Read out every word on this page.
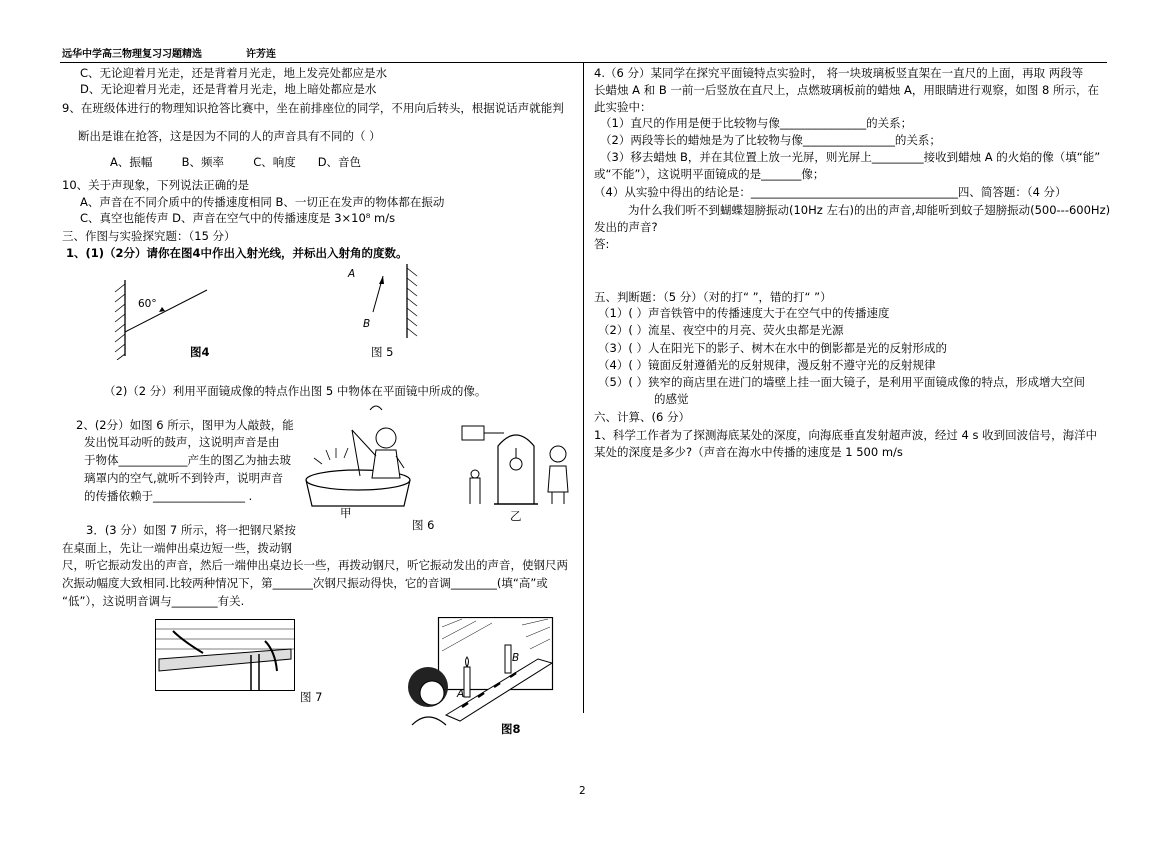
远华中学高三物理复习习题精选	许芳连
C、无论迎着月光走，还是背着月光走，地上发亮处都应是水
D、无论迎着月光走，还是背着月光走，地上暗处都应是水
9、在班级体进行的物理知识抢答比赛中，坐在前排座位的同学，不用向后转头，根据说话声就能判
断出是谁在抢答，这是因为不同的人的声音具有不同的（ ）
A、振幅        B、频率        C、响度      D、音色
10、关于声现象，下列说法正确的是
A、声音在不同介质中的传播速度相同 B、一切正在发声的物体都在振动
C、真空也能传声 D、声音在空气中的传播速度是 3×10⁸ m/s
三、作图与实验探究题：（15 分）
1、(1)（2分）请你在图4中作出入射光线，并标出入射角的度数。
60°
图4
A
B
图 5
（2)（2 分）利用平面镜成像的特点作出图 5 中物体在平面镜中所成的像。
2、(2分）如图 6 所示，图甲为人敲鼓，能
发出悦耳动听的鼓声，这说明声音是由
于物体____________产生的图乙为抽去玻
璃罩内的空气,就听不到铃声，说明声音
的传播依赖于________________ .
甲
图 6
乙
3．(3 分）如图 7 所示，将一把钢尺紧按
在桌面上，先让一端伸出桌边短一些，拨动钢
尺，听它振动发出的声音，然后一端伸出桌边长一些，再拨动钢尺，听它振动发出的声音，使钢尺两
次振动幅度大致相同.比较两种情况下，第_______次钢尺振动得快，它的音调________(填“高”或
“低”），这说明音调与________有关.
图 7	A
B
图8
4.（6 分）某同学在探究平面镜特点实验时， 将一块玻璃板竖直架在一直尺的上面，再取 两段等
长蜡烛 A 和 B 一前一后竖放在直尺上，点燃玻璃板前的蜡烛 A，用眼睛进行观察，如图 8 所示，在
此实验中：
（1）直尺的作用是便于比较物与像_______________的关系；
（2）两段等长的蜡烛是为了比较物与像________________的关系；
（3）移去蜡烛 B，并在其位置上放一光屏，则光屏上_________接收到蜡烛 A 的火焰的像（填“能”
或“不能”），这说明平面镜成的是_______像；
（4）从实验中得出的结论是：____________________________________四、简答题：（4 分）
为什么我们听不到蝴蝶翅膀振动(10Hz 左右)的出的声音,却能听到蚊子翅膀振动(500---600Hz)
发出的声音?
答:
五、判断题：（5 分）（对的打“ ”，错的打“ ”）
（1）( ）声音铁管中的传播速度大于在空气中的传播速度
（2）( ）流星、夜空中的月亮、荧火虫都是光源
（3）( ）人在阳光下的影子、树木在水中的倒影都是光的反射形成的
（4）( ）镜面反射遵循光的反射规律，漫反射不遵守光的反射规律
（5）( ）狭窄的商店里在进门的墙壁上挂一面大镜子，是利用平面镜成像的特点，形成增大空间
的感觉
六、计算、(6 分）
1、科学工作者为了探测海底某处的深度，向海底垂直发射超声波，经过 4 s 收到回波信号，海洋中
某处的深度是多少?（声音在海水中传播的速度是 1 500 m/s
2
